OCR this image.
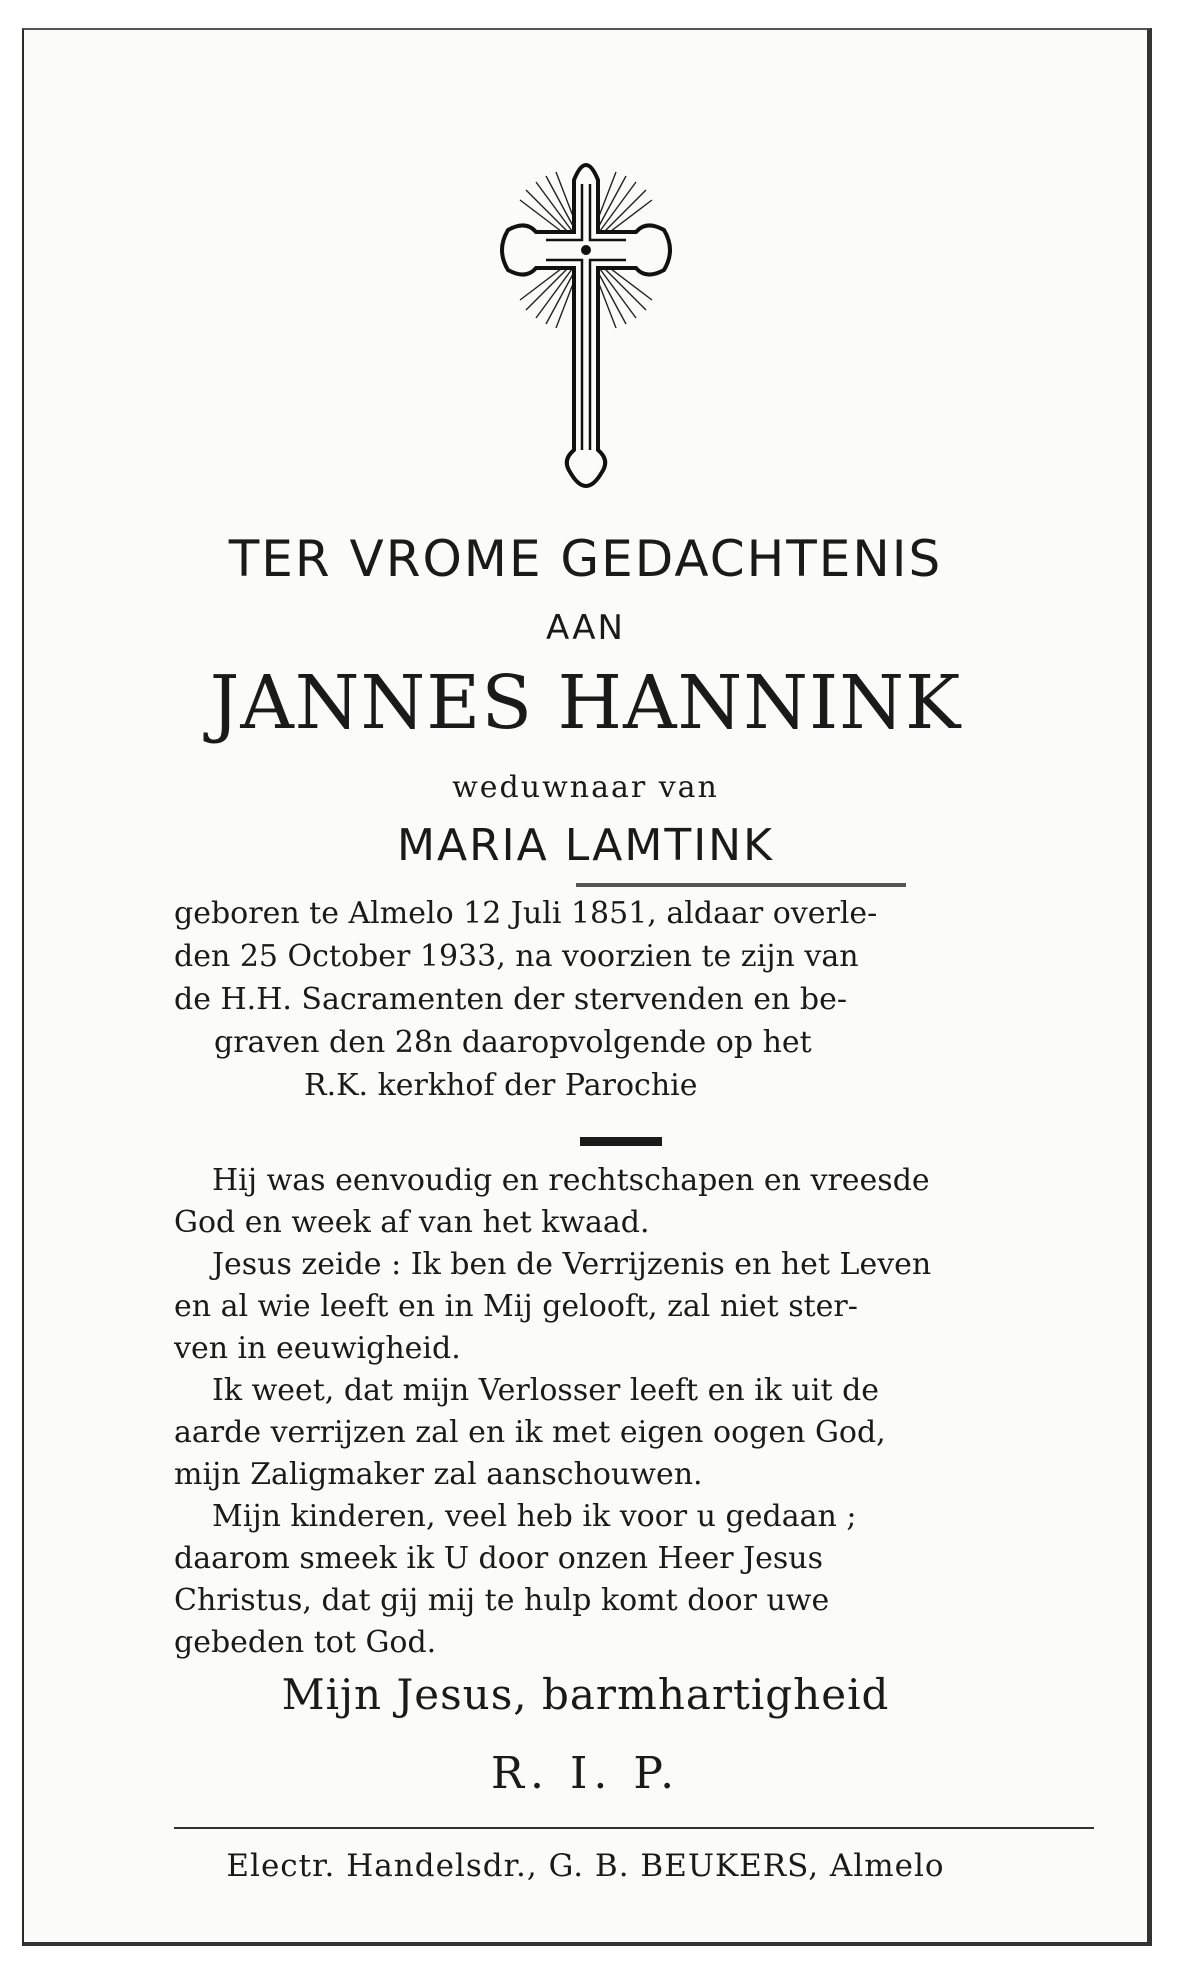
TER VROME GEDACHTENIS
AAN
JANNES HANNINK
weduwnaar van
MARIA LAMTINK
geboren te Almelo 12 Juli 1851, aldaar overle-
den 25 October 1933, na voorzien te zijn van
de H.H. Sacramenten der stervenden en be-
graven den 28n daaropvolgende op het
R.K. kerkhof der Parochie
Hij was eenvoudig en rechtschapen en vreesde
God en week af van het kwaad.
Jesus zeide : Ik ben de Verrijzenis en het Leven
en al wie leeft en in Mij gelooft, zal niet ster-
ven in eeuwigheid.
Ik weet, dat mijn Verlosser leeft en ik uit de
aarde verrijzen zal en ik met eigen oogen God,
mijn Zaligmaker zal aanschouwen.
Mijn kinderen, veel heb ik voor u gedaan ;
daarom smeek ik U door onzen Heer Jesus
Christus, dat gij mij te hulp komt door uwe
gebeden tot God.
Mijn Jesus, barmhartigheid
R. I. P.
Electr. Handelsdr., G. B. BEUKERS, Almelo
